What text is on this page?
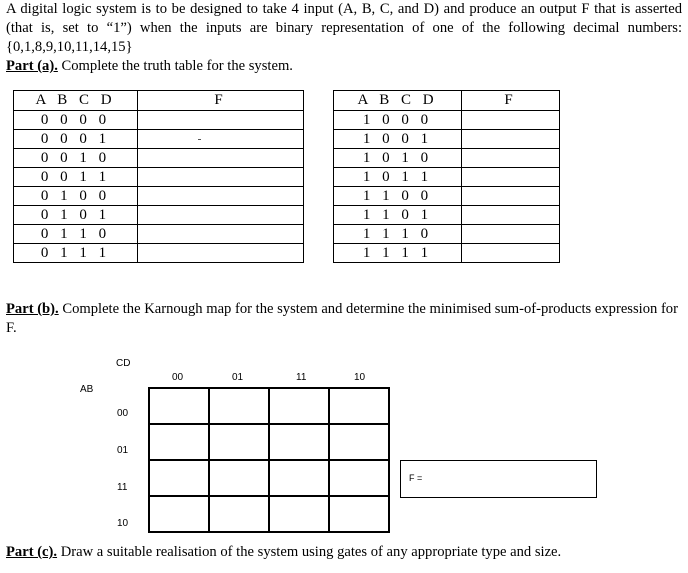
A digital logic system is to be designed to take 4 input (A, B, C, and D) and produce an output F that is asserted (that is, set to “1”) when the inputs are binary representation of one of the following decimal numbers: {0,1,8,9,10,11,14,15}
Part (a). Complete the truth table for the system.
A B C D	F
0 0 0 0	
0 0 0 1	
0 0 1 0	
0 0 1 1	
0 1 0 0	
0 1 0 1	
0 1 1 0	
0 1 1 1	
A B C D	F
1 0 0 0	
1 0 0 1	
1 0 1 0	
1 0 1 1	
1 1 0 0	
1 1 0 1	
1 1 1 0	
1 1 1 1	
Part (b). Complete the Karnough map for the system and determine the minimised sum-of-products expression for F.
CD
AB
00	01	11	10
00
01
11
10

F =
Part (c). Draw a suitable realisation of the system using gates of any appropriate type and size.
